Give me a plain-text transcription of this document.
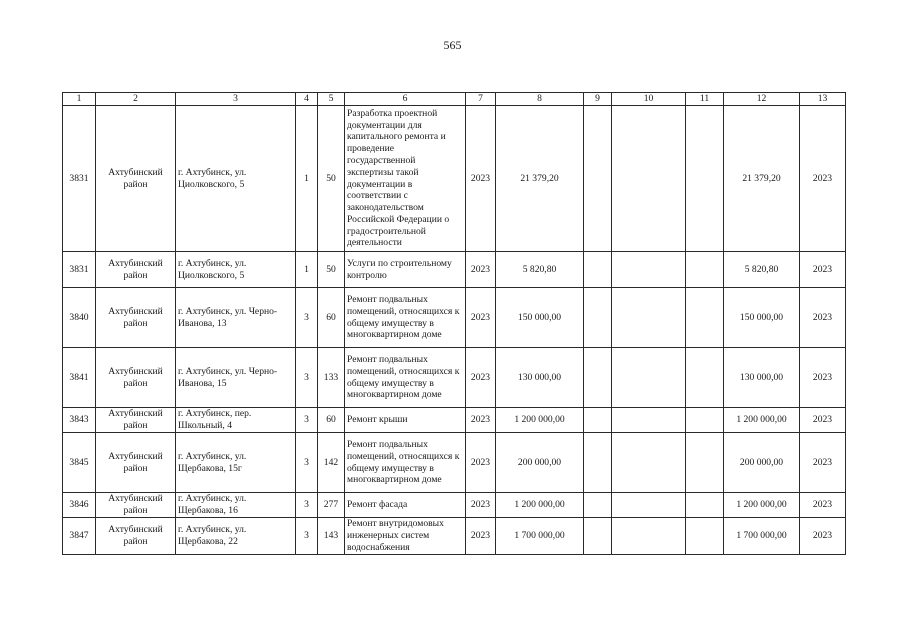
565
1	2	3	4	5	6	7	8	9	10	11	12	13
3831	Ахтубинский район	г. Ахтубинск, ул. Циолковского, 5	1	50	Разработка проектной документации для капитального ремонта и проведение государственной экспертизы такой документации в соответствии с законодательством Российской Федерации о градостроительной деятельности	2023	21 379,20				21 379,20	2023
3831	Ахтубинский район	г. Ахтубинск, ул. Циолковского, 5	1	50	Услуги по строительному контролю	2023	5 820,80				5 820,80	2023
3840	Ахтубинский район	г. Ахтубинск, ул. Черно-Иванова, 13	3	60	Ремонт подвальных помещений, относящихся к общему имуществу в многоквартирном доме	2023	150 000,00				150 000,00	2023
3841	Ахтубинский район	г. Ахтубинск, ул. Черно-Иванова, 15	3	133	Ремонт подвальных помещений, относящихся к общему имуществу в многоквартирном доме	2023	130 000,00				130 000,00	2023
3843	Ахтубинский район	г. Ахтубинск, пер. Школьный, 4	3	60	Ремонт крыши	2023	1 200 000,00				1 200 000,00	2023
3845	Ахтубинский район	г. Ахтубинск, ул. Щербакова, 15г	3	142	Ремонт подвальных помещений, относящихся к общему имуществу в многоквартирном доме	2023	200 000,00				200 000,00	2023
3846	Ахтубинский район	г. Ахтубинск, ул. Щербакова, 16	3	277	Ремонт фасада	2023	1 200 000,00				1 200 000,00	2023
3847	Ахтубинский район	г. Ахтубинск, ул. Щербакова, 22	3	143	Ремонт внутридомовых инженерных систем водоснабжения	2023	1 700 000,00				1 700 000,00	2023
